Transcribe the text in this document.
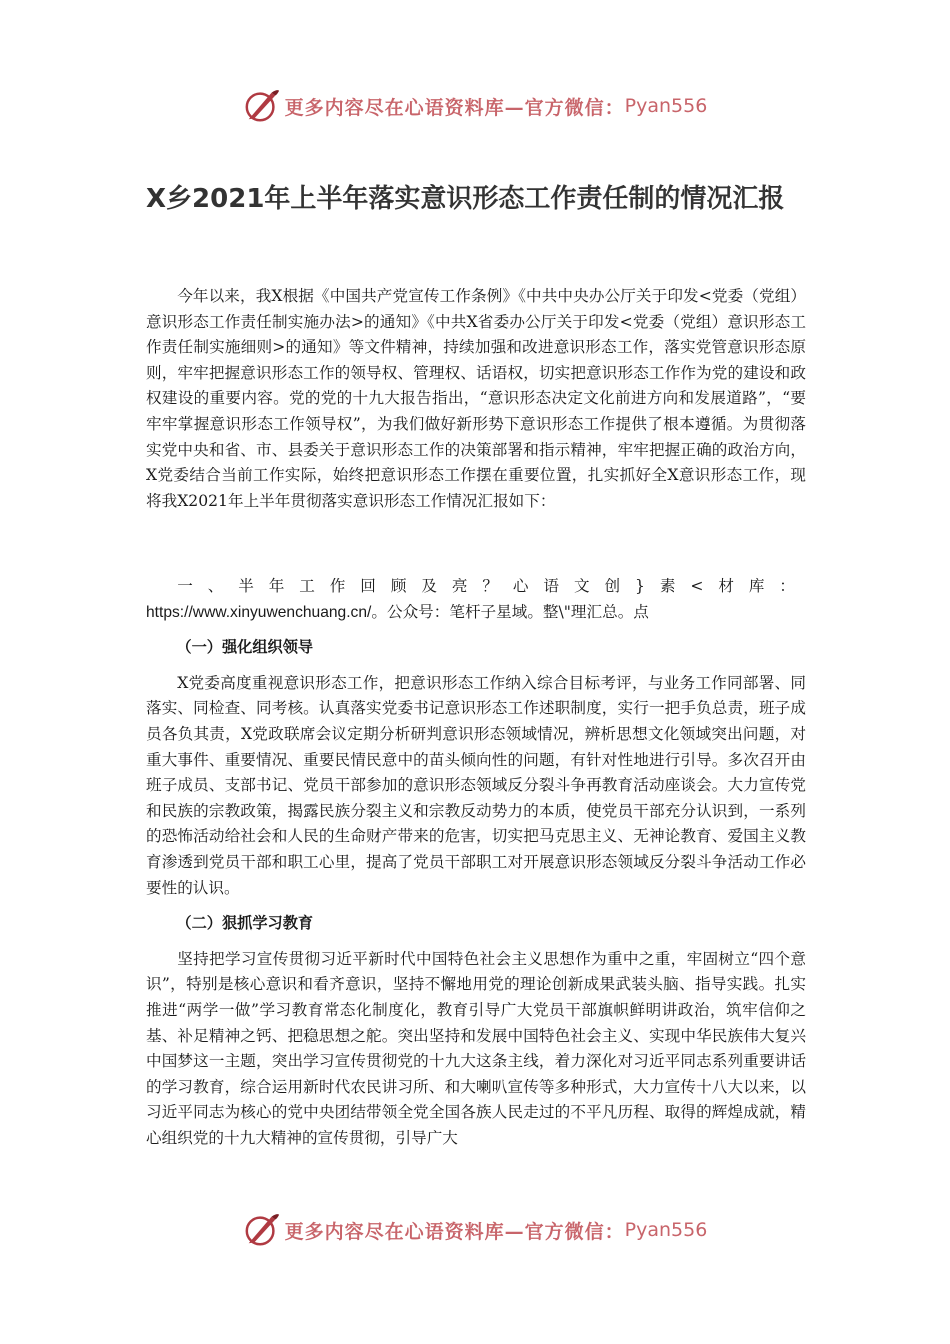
更多内容尽在心语资料库—官方微信： Pyan556
X乡2021年上半年落实意识形态工作责任制的情况汇报

今年以来，我X根据《中国共产党宣传工作条例》《中共中央办公厅关于印发<党委（党组）意识形态工作责任制实施办法>的通知》《中共X省委办公厅关于印发<党委（党组）意识形态工作责任制实施细则>的通知》等文件精神，持续加强和改进意识形态工作，落实党管意识形态原则，牢牢把握意识形态工作的领导权、管理权、话语权，切实把意识形态工作作为党的建设和政权建设的重要内容。党的党的十九大报告指出，“意识形态决定文化前进方向和发展道路”，“要牢牢掌握意识形态工作领导权”，为我们做好新形势下意识形态工作提供了根本遵循。为贯彻落实党中央和省、市、县委关于意识形态工作的决策部署和指示精神，牢牢把握正确的政治方向，X党委结合当前工作实际，始终把意识形态工作摆在重要位置，扎实抓好全X意识形态工作，现将我X2021年上半年贯彻落实意识形态工作情况汇报如下：

一、半年工作回顾及亮？心语文创}素<材库：https://www.xinyuwenchuang.cn/。公众号：笔杆子星域。整\"理汇总。点

（一）强化组织领导

X党委高度重视意识形态工作，把意识形态工作纳入综合目标考评，与业务工作同部署、同落实、同检查、同考核。认真落实党委书记意识形态工作述职制度，实行一把手负总责，班子成员各负其责，X党政联席会议定期分析研判意识形态领域情况，辨析思想文化领域突出问题，对重大事件、重要情况、重要民情民意中的苗头倾向性的问题，有针对性地进行引导。多次召开由班子成员、支部书记、党员干部参加的意识形态领域反分裂斗争再教育活动座谈会。大力宣传党和民族的宗教政策，揭露民族分裂主义和宗教反动势力的本质，使党员干部充分认识到，一系列的恐怖活动给社会和人民的生命财产带来的危害，切实把马克思主义、无神论教育、爱国主义教育渗透到党员干部和职工心里，提高了党员干部职工对开展意识形态领域反分裂斗争活动工作必要性的认识。

（二）狠抓学习教育

坚持把学习宣传贯彻习近平新时代中国特色社会主义思想作为重中之重，牢固树立“四个意识”，特别是核心意识和看齐意识，坚持不懈地用党的理论创新成果武装头脑、指导实践。扎实推进“两学一做”学习教育常态化制度化，教育引导广大党员干部旗帜鲜明讲政治，筑牢信仰之基、补足精神之钙、把稳思想之舵。突出坚持和发展中国特色社会主义、实现中华民族伟大复兴中国梦这一主题，突出学习宣传贯彻党的十九大这条主线，着力深化对习近平同志系列重要讲话的学习教育，综合运用新时代农民讲习所、和大喇叭宣传等多种形式，大力宣传十八大以来，以习近平同志为核心的党中央团结带领全党全国各族人民走过的不平凡历程、取得的辉煌成就，精心组织党的十九大精神的宣传贯彻，引导广大

更多内容尽在心语资料库—官方微信： Pyan556
